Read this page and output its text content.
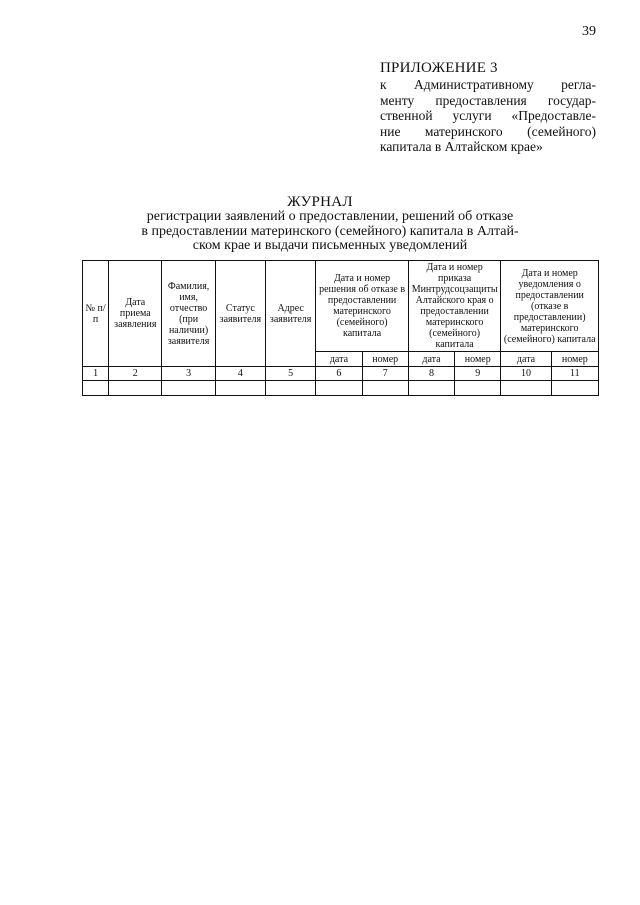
39
ПРИЛОЖЕНИЕ 3
к Административному регла-
менту предоставления государ-
ственной услуги «Предоставле-
ние материнского (семейного)
капитала в Алтайском крае»
ЖУРНАЛ
регистрации заявлений о предоставлении, решений об отказе
в предоставлении материнского (семейного) капитала в Алтай-
ском крае и выдачи письменных уведомлений
№ п/п	Дата приема заявления	Фамилия, имя, отчество (при наличии) заявителя	Статус заявителя	Адрес заявителя	Дата и номер решения об отказе в предоставлении материнского (семейного) капитала		Дата и номер приказа Минтрудсоцзащиты Алтайского края о предоставлении материнского (семейного) капитала		Дата и номер уведомления о предоставлении (отказе в предоставлении) материнского (семейного) капитала	
					дата	номер	дата	номер	дата	номер
1	2	3	4	5	6	7	8	9	10	11
